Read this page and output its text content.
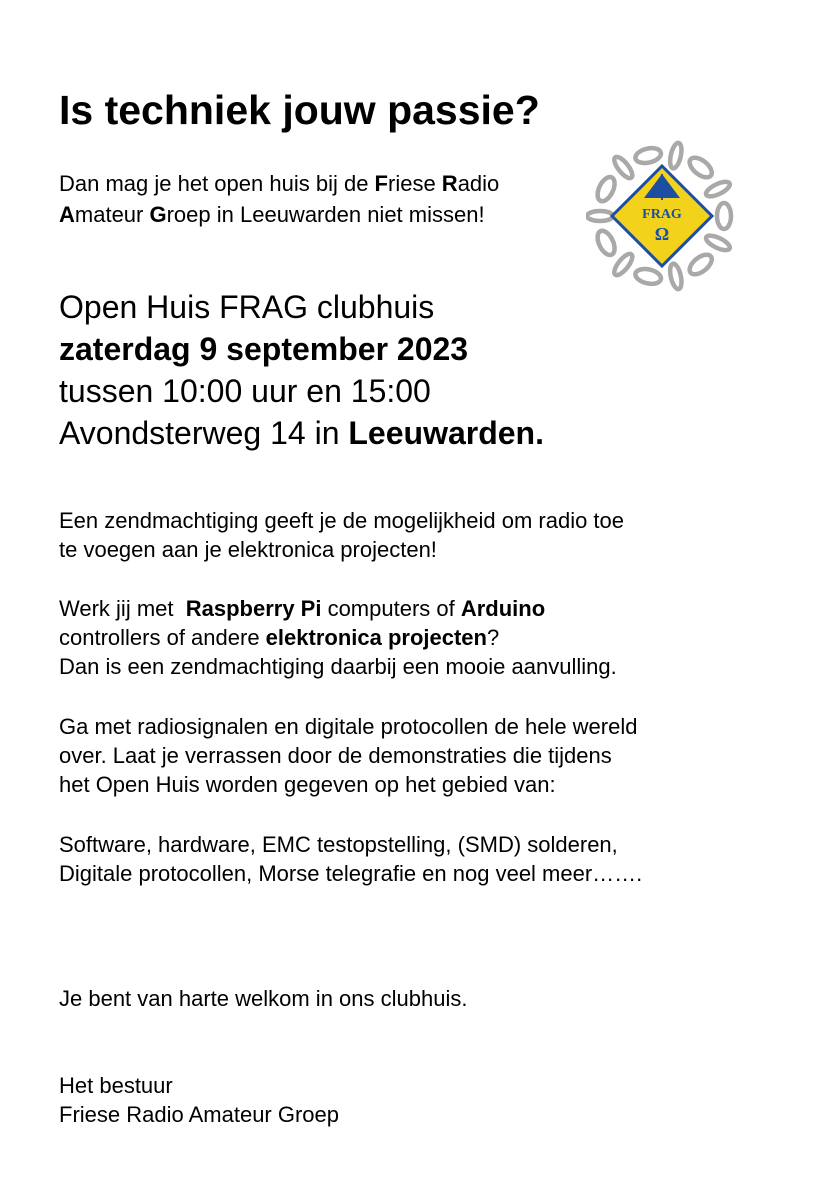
Is techniek jouw passie?
Dan mag je het open huis bij de Friese Radio
Amateur Groep in Leeuwarden niet missen!	FRAG
Ω
Open Huis FRAG clubhuis
zaterdag 9 september 2023
tussen 10:00 uur en 15:00
Avondsterweg 14 in Leeuwarden.
Een zendmachtiging geeft je de mogelijkheid om radio toe
te voegen aan je elektronica projecten!
Werk jij met  Raspberry Pi computers of Arduino
controllers of andere elektronica projecten?
Dan is een zendmachtiging daarbij een mooie aanvulling.
Ga met radiosignalen en digitale protocollen de hele wereld
over. Laat je verrassen door de demonstraties die tijdens
het Open Huis worden gegeven op het gebied van:
Software, hardware, EMC testopstelling, (SMD) solderen,
Digitale protocollen, Morse telegrafie en nog veel meer…….

Je bent van harte welkom in ons clubhuis.

Het bestuur
Friese Radio Amateur Groep
